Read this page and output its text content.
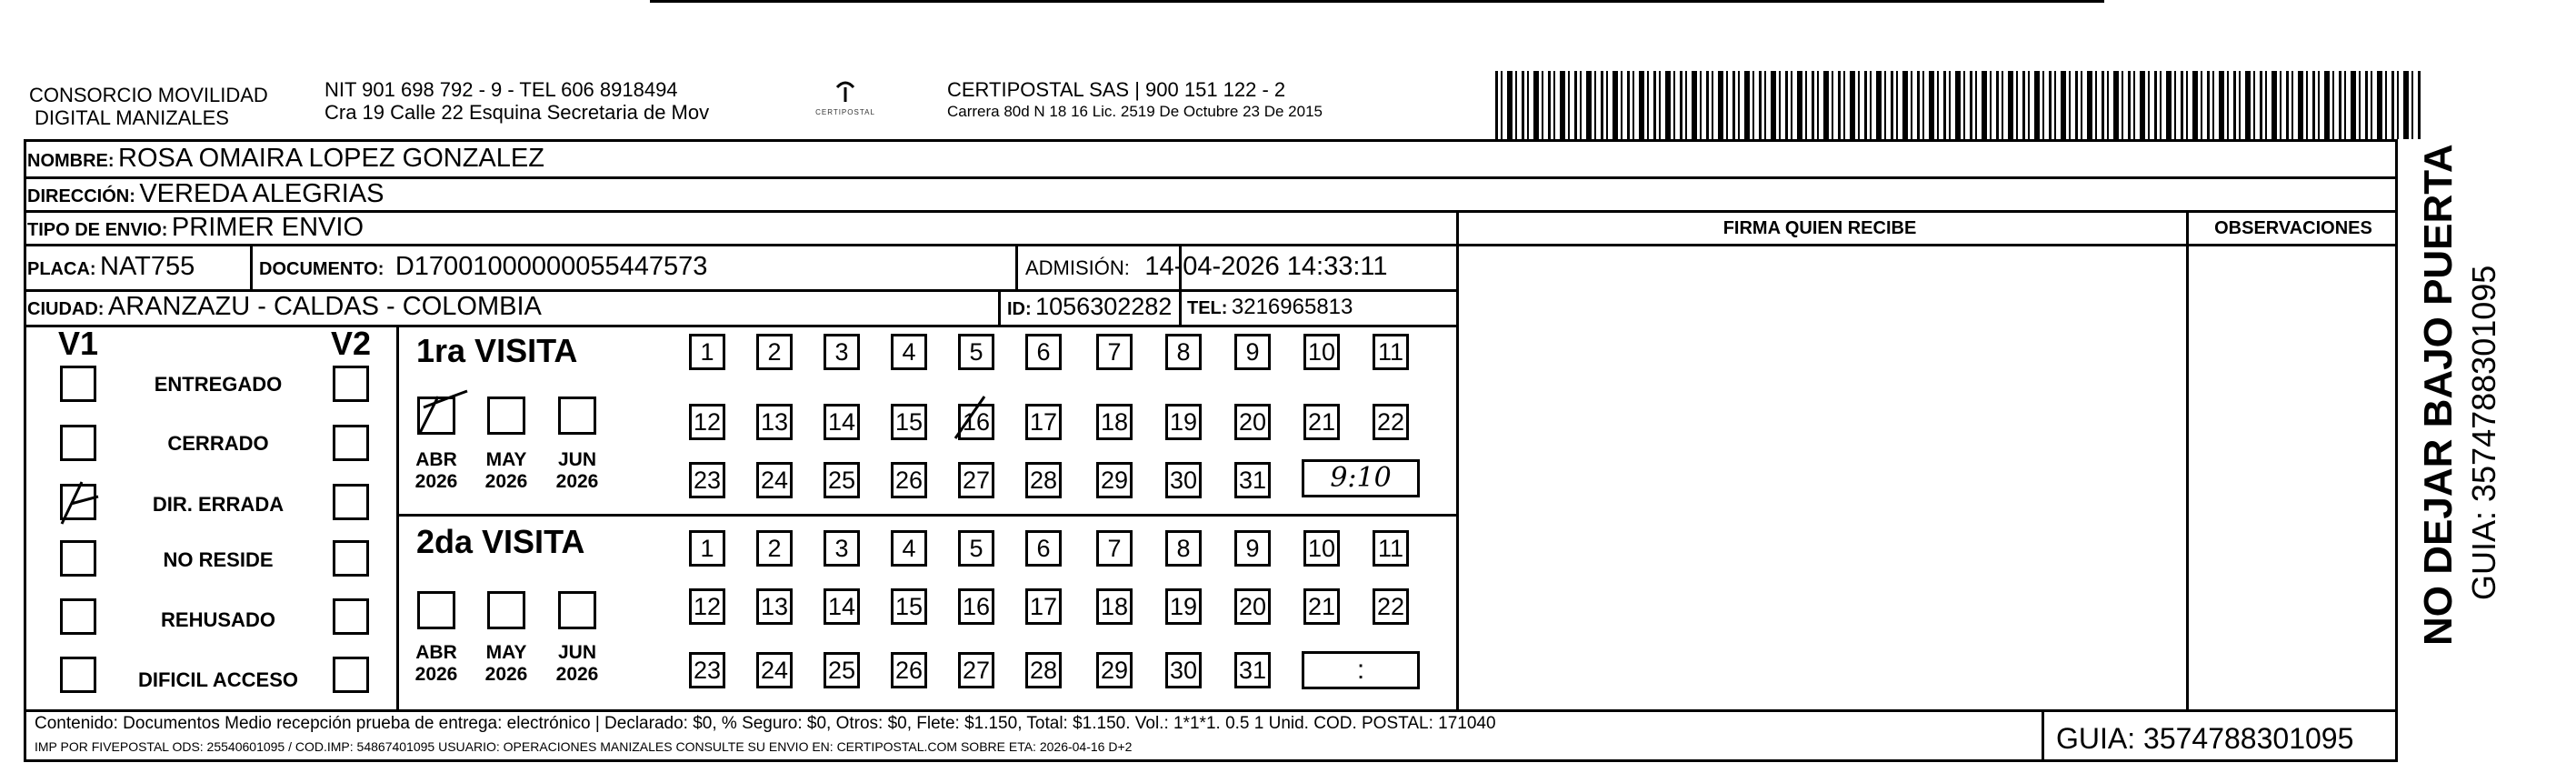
CONSORCIO MOVILIDAD
DIGITAL MANIZALES
NIT 901 698 792 - 9 - TEL 606 8918494
Cra 19 Calle 22 Esquina Secretaria de Mov	CERTIPOSTAL
CERTIPOSTAL SAS | 900 151 122 - 2
Carrera 80d N 18 16 Lic. 2519 De Octubre 23 De 2015
NOMBRE: ROSA OMAIRA LOPEZ GONZALEZ
DIRECCIÓN: VEREDA ALEGRIAS
TIPO DE ENVIO: PRIMER ENVIO	FIRMA QUIEN RECIBE	OBSERVACIONES
PLACA: NAT755	DOCUMENTO: D17001000000055447573	ADMISIÓN: 14-04-2026 14:33:11
CIUDAD: ARANZAZU - CALDAS - COLOMBIA	ID: 1056302282 TEL: 3216965813
V1	V2
ENTREGADO
CERRADO
DIR. ERRADA
NO RESIDE
REHUSADO
DIFICIL ACCESO
1ra VISITA
ABR
2026
MAY
2026
JUN
2026
1	2	3	4	5	6	7	8	9	10 11
12 13 14 15 16 17 18 19 20 21 22
23 24 25 26 27 28 29 30 31	9:10
2da VISITA
ABR
2026
MAY
2026
JUN
2026
1	2	3	4	5	6	7	8	9	10 11
12 13 14 15 16 17 18 19 20 21 22
23 24 25 26 27 28 29 30 31	:
Contenido: Documentos Medio recepción prueba de entrega: electrónico | Declarado: $0, % Seguro: $0, Otros: $0, Flete: $1.150, Total: $1.150. Vol.: 1*1*1. 0.5 1 Unid. COD. POSTAL: 171040
IMP POR FIVEPOSTAL ODS: 25540601095 / COD.IMP: 54867401095 USUARIO: OPERACIONES MANIZALES CONSULTE SU ENVIO EN: CERTIPOSTAL.COM SOBRE ETA: 2026-04-16 D+2	GUIA: 3574788301095
NO DEJAR BAJO PUERTA GUIA: 3574788301095
